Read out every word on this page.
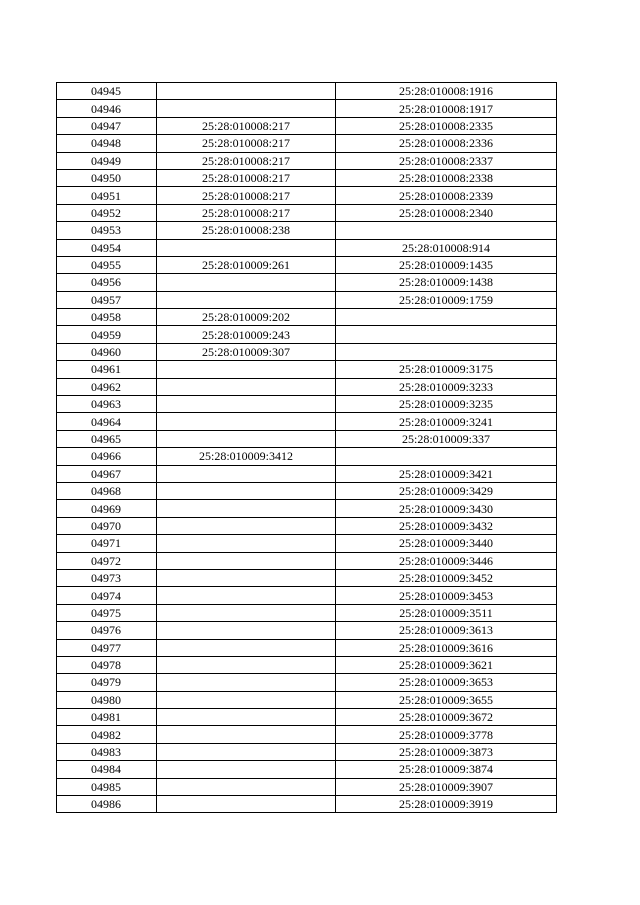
04945		25:28:010008:1916
04946		25:28:010008:1917
04947	25:28:010008:217	25:28:010008:2335
04948	25:28:010008:217	25:28:010008:2336
04949	25:28:010008:217	25:28:010008:2337
04950	25:28:010008:217	25:28:010008:2338
04951	25:28:010008:217	25:28:010008:2339
04952	25:28:010008:217	25:28:010008:2340
04953	25:28:010008:238	
04954		25:28:010008:914
04955	25:28:010009:261	25:28:010009:1435
04956		25:28:010009:1438
04957		25:28:010009:1759
04958	25:28:010009:202	
04959	25:28:010009:243	
04960	25:28:010009:307	
04961		25:28:010009:3175
04962		25:28:010009:3233
04963		25:28:010009:3235
04964		25:28:010009:3241
04965		25:28:010009:337
04966	25:28:010009:3412	
04967		25:28:010009:3421
04968		25:28:010009:3429
04969		25:28:010009:3430
04970		25:28:010009:3432
04971		25:28:010009:3440
04972		25:28:010009:3446
04973		25:28:010009:3452
04974		25:28:010009:3453
04975		25:28:010009:3511
04976		25:28:010009:3613
04977		25:28:010009:3616
04978		25:28:010009:3621
04979		25:28:010009:3653
04980		25:28:010009:3655
04981		25:28:010009:3672
04982		25:28:010009:3778
04983		25:28:010009:3873
04984		25:28:010009:3874
04985		25:28:010009:3907
04986		25:28:010009:3919
